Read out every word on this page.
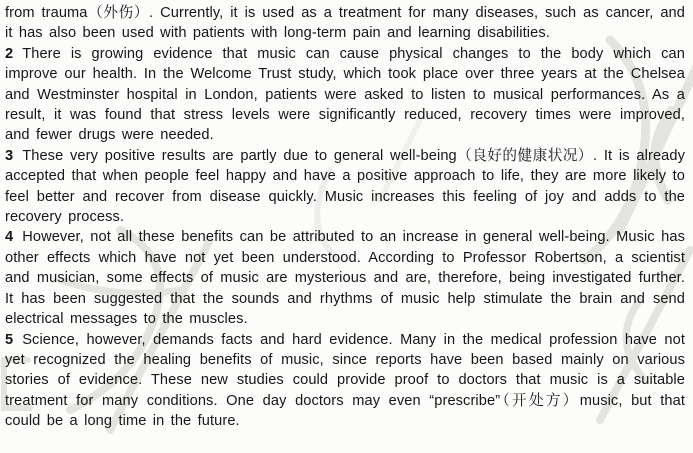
from trauma（外伤）. Currently, it is used as a treatment for many diseases, such as cancer, and it has also been used with patients with long-term pain and learning disabilities.

2 There is growing evidence that music can cause physical changes to the body which can improve our health. In the Welcome Trust study, which took place over three years at the Chelsea and Westminster hospital in London, patients were asked to listen to musical performances. As a result, it was found that stress levels were significantly reduced, recovery times were improved, and fewer drugs were needed.

3 These very positive results are partly due to general well-being（良好的健康状况）. It is already accepted that when people feel happy and have a positive approach to life, they are more likely to feel better and recover from disease quickly. Music increases this feeling of joy and adds to the recovery process.

4 However, not all these benefits can be attributed to an increase in general well-being. Music has other effects which have not yet been understood. According to Professor Robertson, a scientist and musician, some effects of music are mysterious and are, therefore, being investigated further. It has been suggested that the sounds and rhythms of music help stimulate the brain and send electrical messages to the muscles.

5 Science, however, demands facts and hard evidence. Many in the medical profession have not yet recognized the healing benefits of music, since reports have been based mainly on various stories of evidence. These new studies could provide proof to doctors that music is a suitable treatment for many conditions. One day doctors may even “prescribe”（开处方）music, but that could be a long time in the future.
